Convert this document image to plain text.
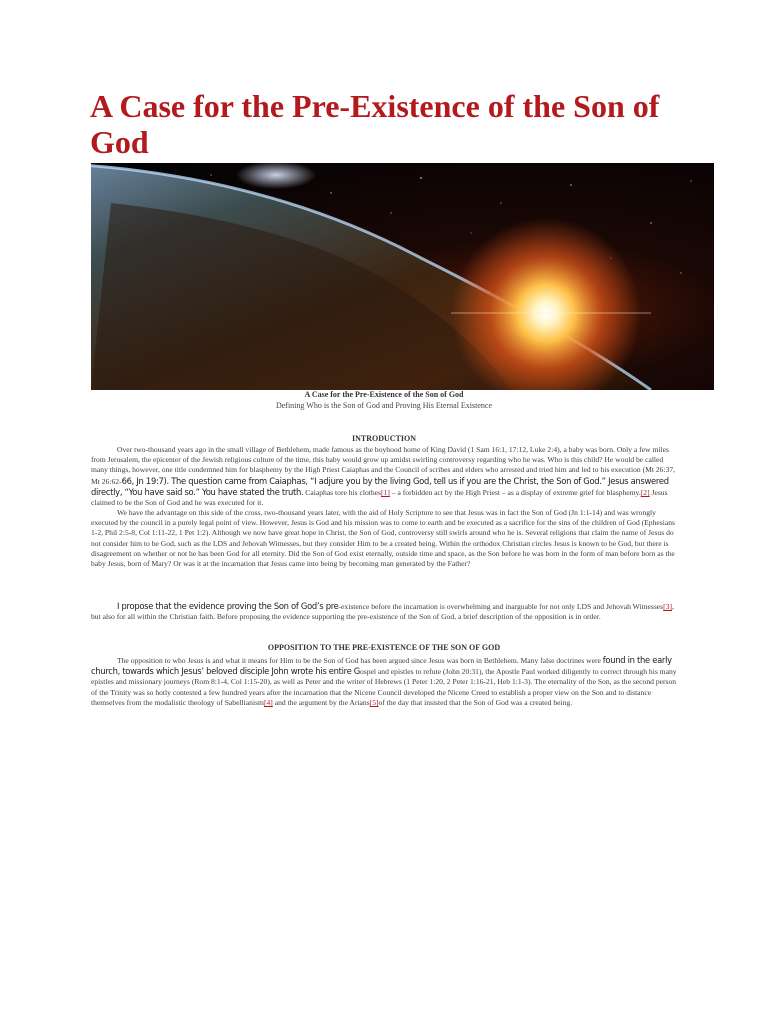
A Case for the Pre-Existence of the Son of God
A Case for the Pre-Existence of the Son of God
Defining Who is the Son of God and Proving His Eternal Existence
INTRODUCTION

Over two-thousand years ago in the small village of Bethlehem, made famous as the boyhood home of King David (1 Sam 16:1, 17:12, Luke 2:4), a baby was born. Only a few miles from Jerusalem, the epicenter of the Jewish religious culture of the time, this baby would grow up amidst swirling controversy regarding who he was. Who is this child? He would be called many things, however, one title condemned him for blasphemy by the High Priest Caiaphas and the Council of scribes and elders who arrested and tried him and led to his execution (Mt 26:37, Mt 26:62-66, Jn 19:7). The question came from Caiaphas, “I adjure you by the living God, tell us if you are the Christ, the Son of God.” Jesus answered directly, “You have said so.” You have stated the truth. Caiaphas tore his clothes[1] – a forbidden act by the High Priest – as a display of extreme grief for blasphemy.[2] Jesus claimed to be the Son of God and he was executed for it.

We have the advantage on this side of the cross, two-thousand years later, with the aid of Holy Scripture to see that Jesus was in fact the Son of God (Jn 1:1-14) and was wrongly executed by the council in a purely legal point of view. However, Jesus is God and his mission was to come to earth and be executed as a sacrifice for the sins of the children of God (Ephesians 1-2, Phil 2:5-8, Col 1:11-22, 1 Pet 1:2). Although we now have great hope in Christ, the Son of God, controversy still swirls around who he is. Several religions that claim the name of Jesus do not consider him to be God, such as the LDS and Jehovah Witnesses, but they consider Him to be a created being. Within the orthodox Christian circles Jesus is known to be God, but there is disagreement on whether or not he has been God for all eternity. Did the Son of God exist eternally, outside time and space, as the Son before he was born in the form of man before born as the baby Jesus, born of Mary? Or was it at the incarnation that Jesus came into being by becoming man generated by the Father?

I propose that the evidence proving the Son of God’s pre-existence before the incarnation is overwhelming and inarguable for not only LDS and Jehovah Witnesses[3], but also for all within the Christian faith. Before proposing the evidence supporting the pre-existence of the Son of God, a brief description of the opposition is in order.

OPPOSITION TO THE PRE-EXISTENCE OF THE SON OF GOD

The opposition to who Jesus is and what it means for Him to be the Son of God has been argued since Jesus was born in Bethlehem. Many false doctrines were found in the early church, towards which Jesus’ beloved disciple John wrote his entire Gospel and epistles to refute (John 20:31), the Apostle Paul worked diligently to correct through his many epistles and missionary journeys (Rom 8:1-4, Col 1:15-20), as well as Peter and the writer of Hebrews (1 Peter 1:20, 2 Peter 1:16-21, Heb 1:1-3). The eternality of the Son, as the second person of the Trinity was so hotly contested a few hundred years after the incarnation that the Nicene Council developed the Nicene Creed to establish a proper view on the Son and to distance themselves from the modalistic theology of Sabellianism[4] and the argument by the Arians[5]of the day that insisted that the Son of God was a created being.
